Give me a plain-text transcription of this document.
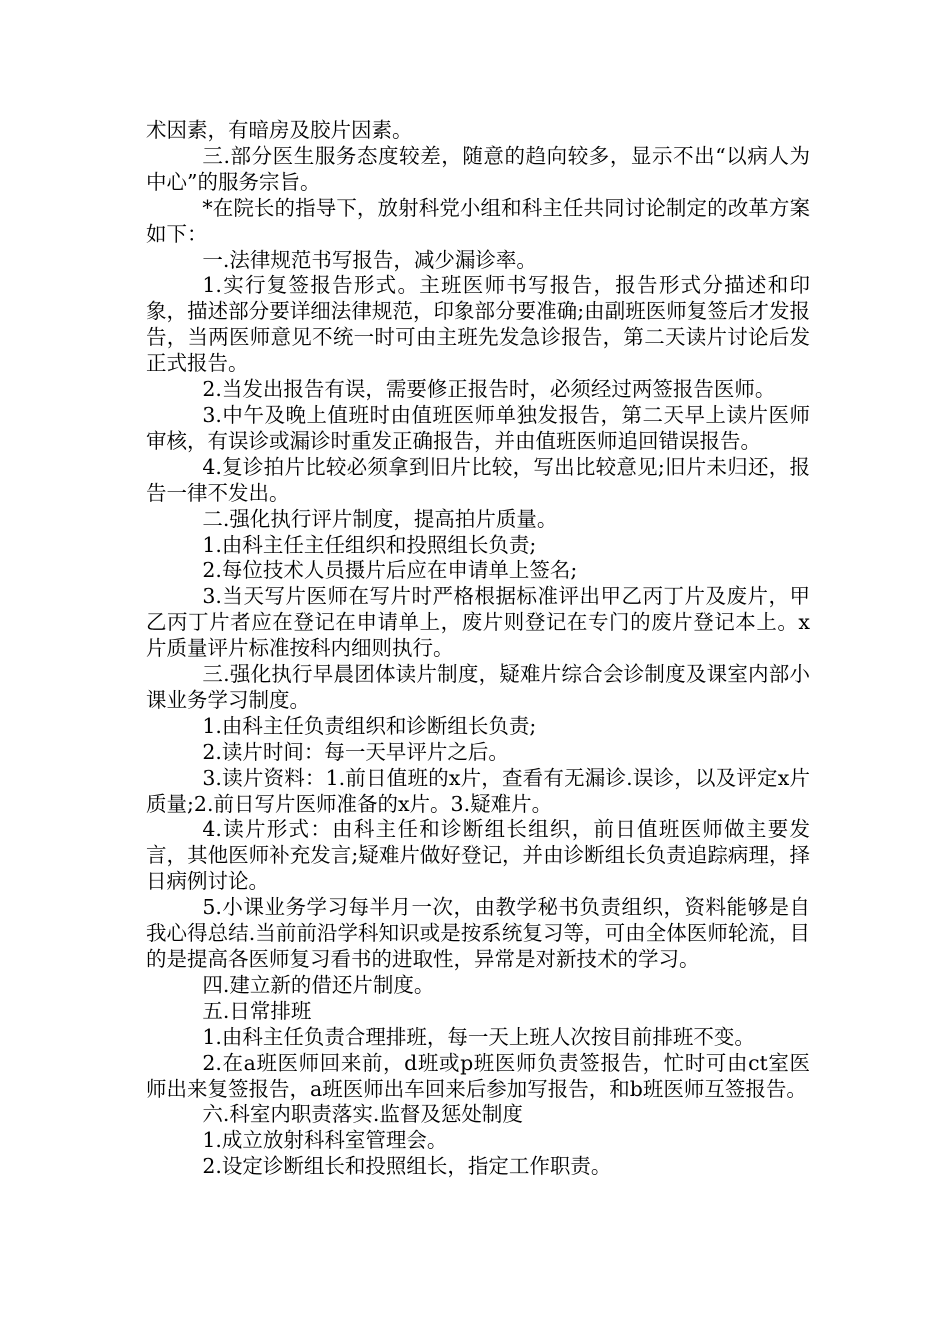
术因素，有暗房及胶片因素。

三.部分医生服务态度较差，随意的趋向较多，显示不出“以病人为中心”的服务宗旨。

*在院长的指导下，放射科党小组和科主任共同讨论制定的改革方案如下：

一.法律规范书写报告，减少漏诊率。

1.实行复签报告形式。主班医师书写报告，报告形式分描述和印象，描述部分要详细法律规范，印象部分要准确;由副班医师复签后才发报告，当两医师意见不统一时可由主班先发急诊报告，第二天读片讨论后发正式报告。

2.当发出报告有误，需要修正报告时，必须经过两签报告医师。

3.中午及晚上值班时由值班医师单独发报告，第二天早上读片医师审核，有误诊或漏诊时重发正确报告，并由值班医师追回错误报告。

4.复诊拍片比较必须拿到旧片比较，写出比较意见;旧片未归还，报告一律不发出。

二.强化执行评片制度，提高拍片质量。

1.由科主任主任组织和投照组长负责;

2.每位技术人员摄片后应在申请单上签名;

3.当天写片医师在写片时严格根据标准评出甲乙丙丁片及废片，甲乙丙丁片者应在登记在申请单上，废片则登记在专门的废片登记本上。x片质量评片标准按科内细则执行。

三.强化执行早晨团体读片制度，疑难片综合会诊制度及课室内部小课业务学习制度。

1.由科主任负责组织和诊断组长负责;

2.读片时间：每一天早评片之后。

3.读片资料：1.前日值班的x片，查看有无漏诊.误诊，以及评定x片质量;2.前日写片医师准备的x片。3.疑难片。

4.读片形式：由科主任和诊断组长组织，前日值班医师做主要发言，其他医师补充发言;疑难片做好登记，并由诊断组长负责追踪病理，择日病例讨论。

5.小课业务学习每半月一次，由教学秘书负责组织，资料能够是自我心得总结.当前前沿学科知识或是按系统复习等，可由全体医师轮流，目的是提高各医师复习看书的进取性，异常是对新技术的学习。

四.建立新的借还片制度。

五.日常排班

1.由科主任负责合理排班，每一天上班人次按目前排班不变。

2.在a班医师回来前，d班或p班医师负责签报告，忙时可由ct室医师出来复签报告，a班医师出车回来后参加写报告，和b班医师互签报告。

六.科室内职责落实.监督及惩处制度

1.成立放射科科室管理会。

2.设定诊断组长和投照组长，指定工作职责。
